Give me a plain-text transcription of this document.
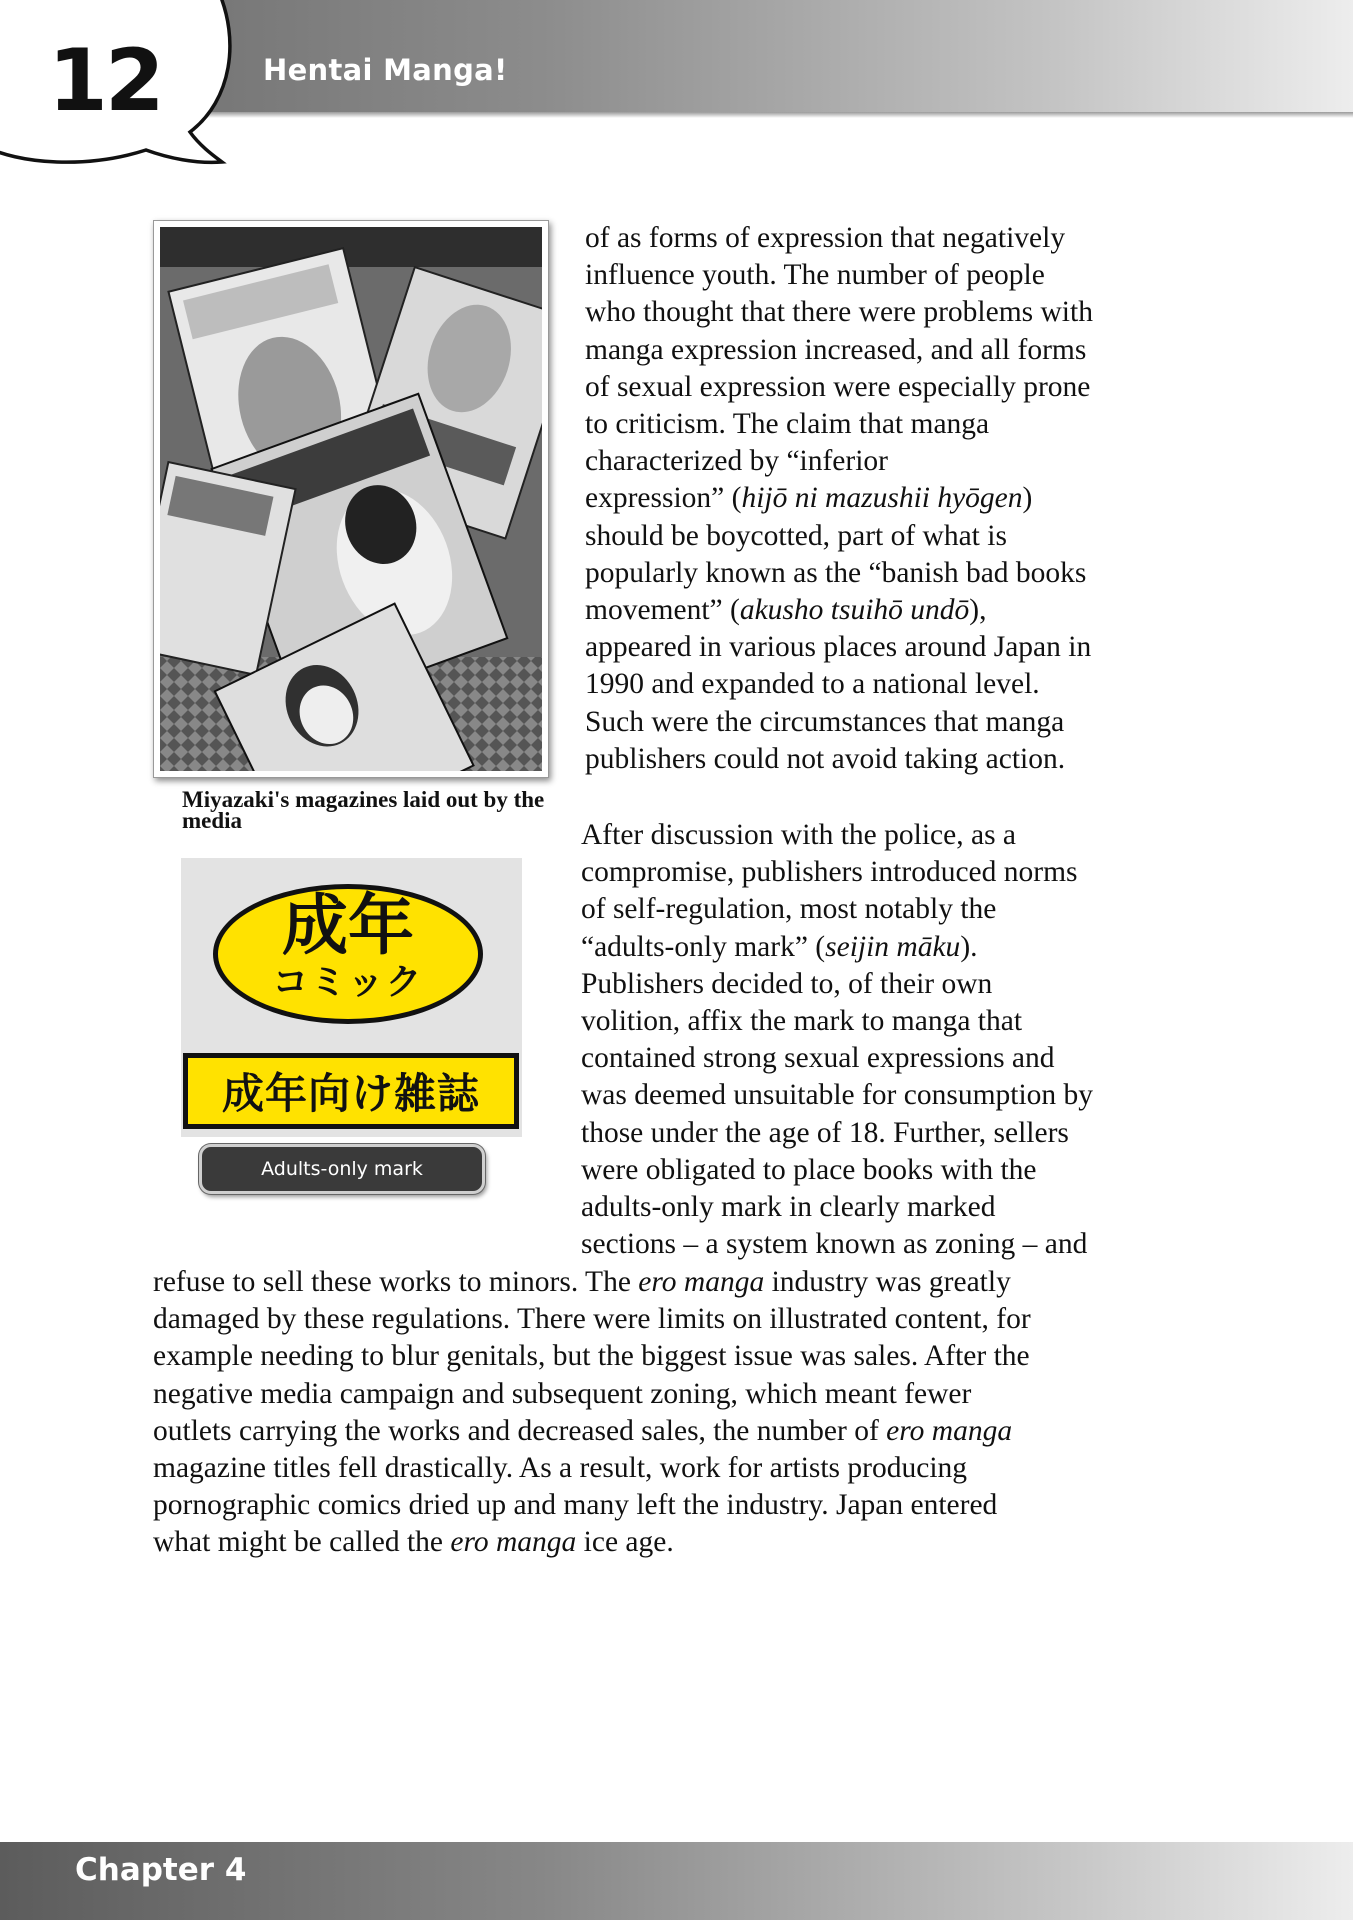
Hentai Manga!
12
Miyazaki's magazines laid out by the media
成年
コミック
成年向け雑誌
Adults-only mark
of as forms of expression that negatively
influence youth. The number of people
who thought that there were problems with
manga expression increased, and all forms
of sexual expression were especially prone
to criticism. The claim that manga
characterized by “inferior
expression” (hijō ni mazushii hyōgen)
should be boycotted, part of what is
popularly known as the “banish bad books
movement” (akusho tsuihō undō),
appeared in various places around Japan in
1990 and expanded to a national level.
Such were the circumstances that manga
publishers could not avoid taking action.
After discussion with the police, as a
compromise, publishers introduced norms
of self-regulation, most notably the
“adults-only mark” (seijin māku).
Publishers decided to, of their own
volition, affix the mark to manga that
contained strong sexual expressions and
was deemed unsuitable for consumption by
those under the age of 18. Further, sellers
were obligated to place books with the
adults-only mark in clearly marked
sections – a system known as zoning – and
refuse to sell these works to minors. The ero manga industry was greatly
damaged by these regulations. There were limits on illustrated content, for
example needing to blur genitals, but the biggest issue was sales. After the
negative media campaign and subsequent zoning, which meant fewer
outlets carrying the works and decreased sales, the number of ero manga
magazine titles fell drastically. As a result, work for artists producing
pornographic comics dried up and many left the industry. Japan entered
what might be called the ero manga ice age.
Chapter 4
